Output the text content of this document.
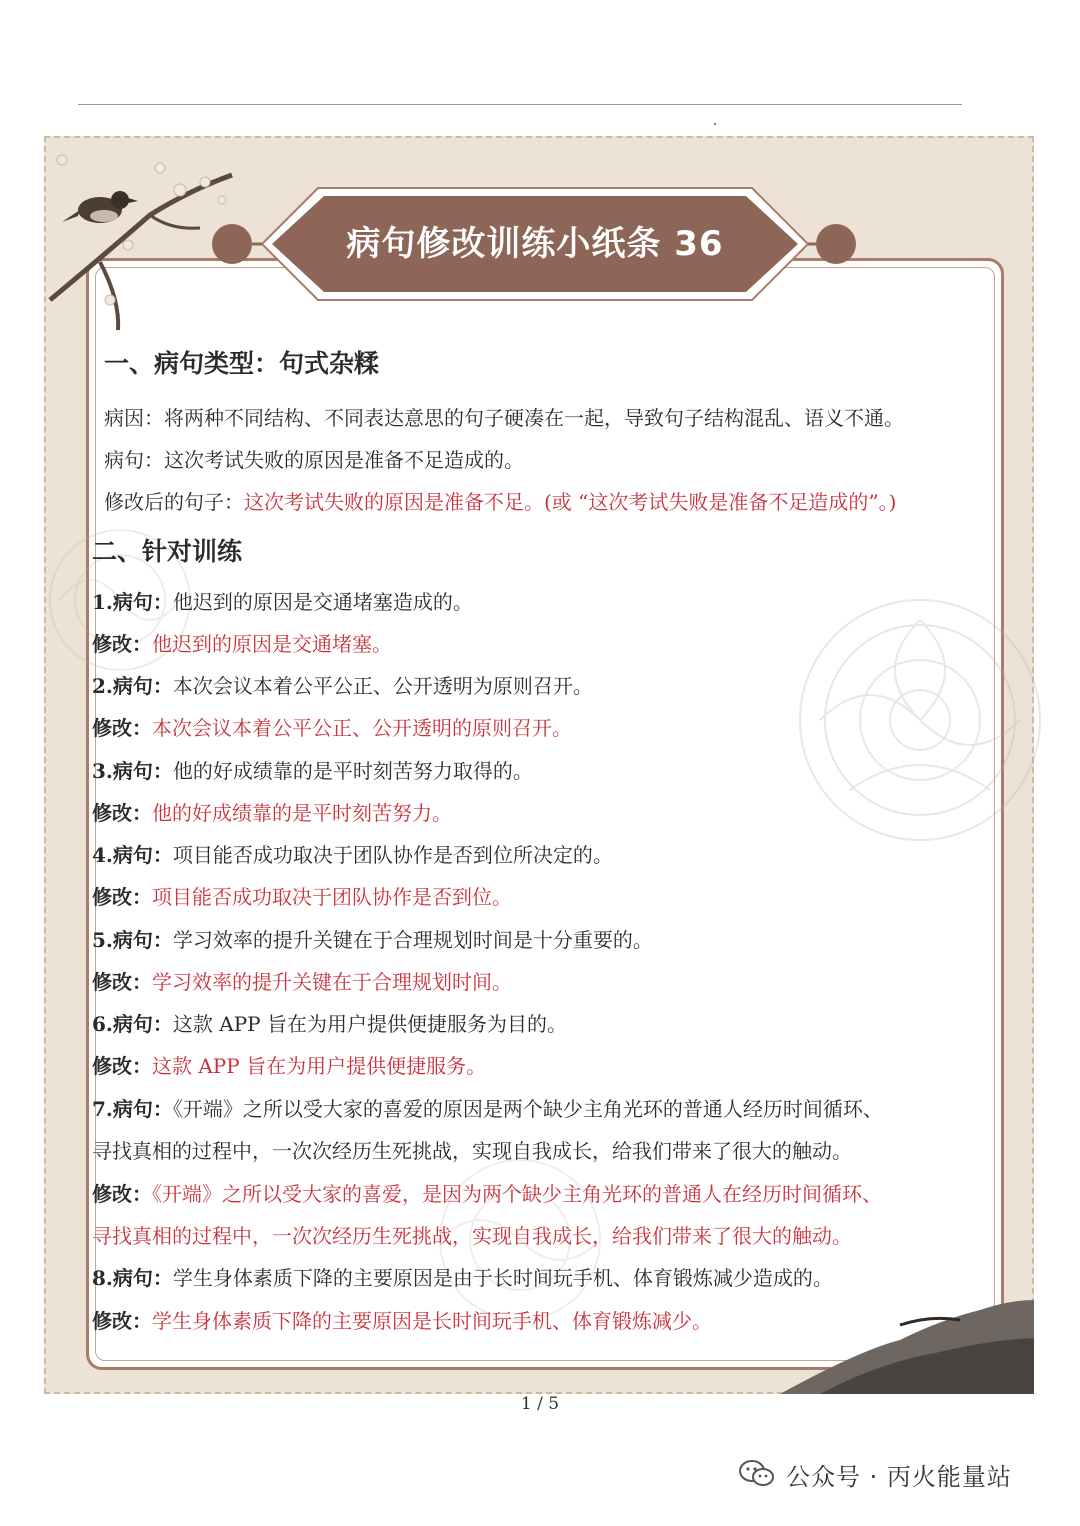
病句修改训练小纸条 36
一、病句类型：句式杂糅
病因：将两种不同结构、不同表达意思的句子硬凑在一起，导致句子结构混乱、语义不通。
病句：这次考试失败的原因是准备不足造成的。
修改后的句子：这次考试失败的原因是准备不足。(或 “这次考试失败是准备不足造成的”。)
二、针对训练
1.病句：他迟到的原因是交通堵塞造成的。
修改：他迟到的原因是交通堵塞。
2.病句：本次会议本着公平公正、公开透明为原则召开。
修改：本次会议本着公平公正、公开透明的原则召开。
3.病句：他的好成绩靠的是平时刻苦努力取得的。
修改：他的好成绩靠的是平时刻苦努力。
4.病句：项目能否成功取决于团队协作是否到位所决定的。
修改：项目能否成功取决于团队协作是否到位。
5.病句：学习效率的提升关键在于合理规划时间是十分重要的。
修改：学习效率的提升关键在于合理规划时间。
6.病句：这款 APP 旨在为用户提供便捷服务为目的。
修改：这款 APP 旨在为用户提供便捷服务。
7.病句：《开端》之所以受大家的喜爱的原因是两个缺少主角光环的普通人经历时间循环、
寻找真相的过程中，一次次经历生死挑战，实现自我成长，给我们带来了很大的触动。
修改：《开端》之所以受大家的喜爱，是因为两个缺少主角光环的普通人在经历时间循环、
寻找真相的过程中，一次次经历生死挑战，实现自我成长，给我们带来了很大的触动。
8.病句：学生身体素质下降的主要原因是由于长时间玩手机、体育锻炼减少造成的。
修改：学生身体素质下降的主要原因是长时间玩手机、体育锻炼减少。
1 / 5
公众号 · 丙火能量站
